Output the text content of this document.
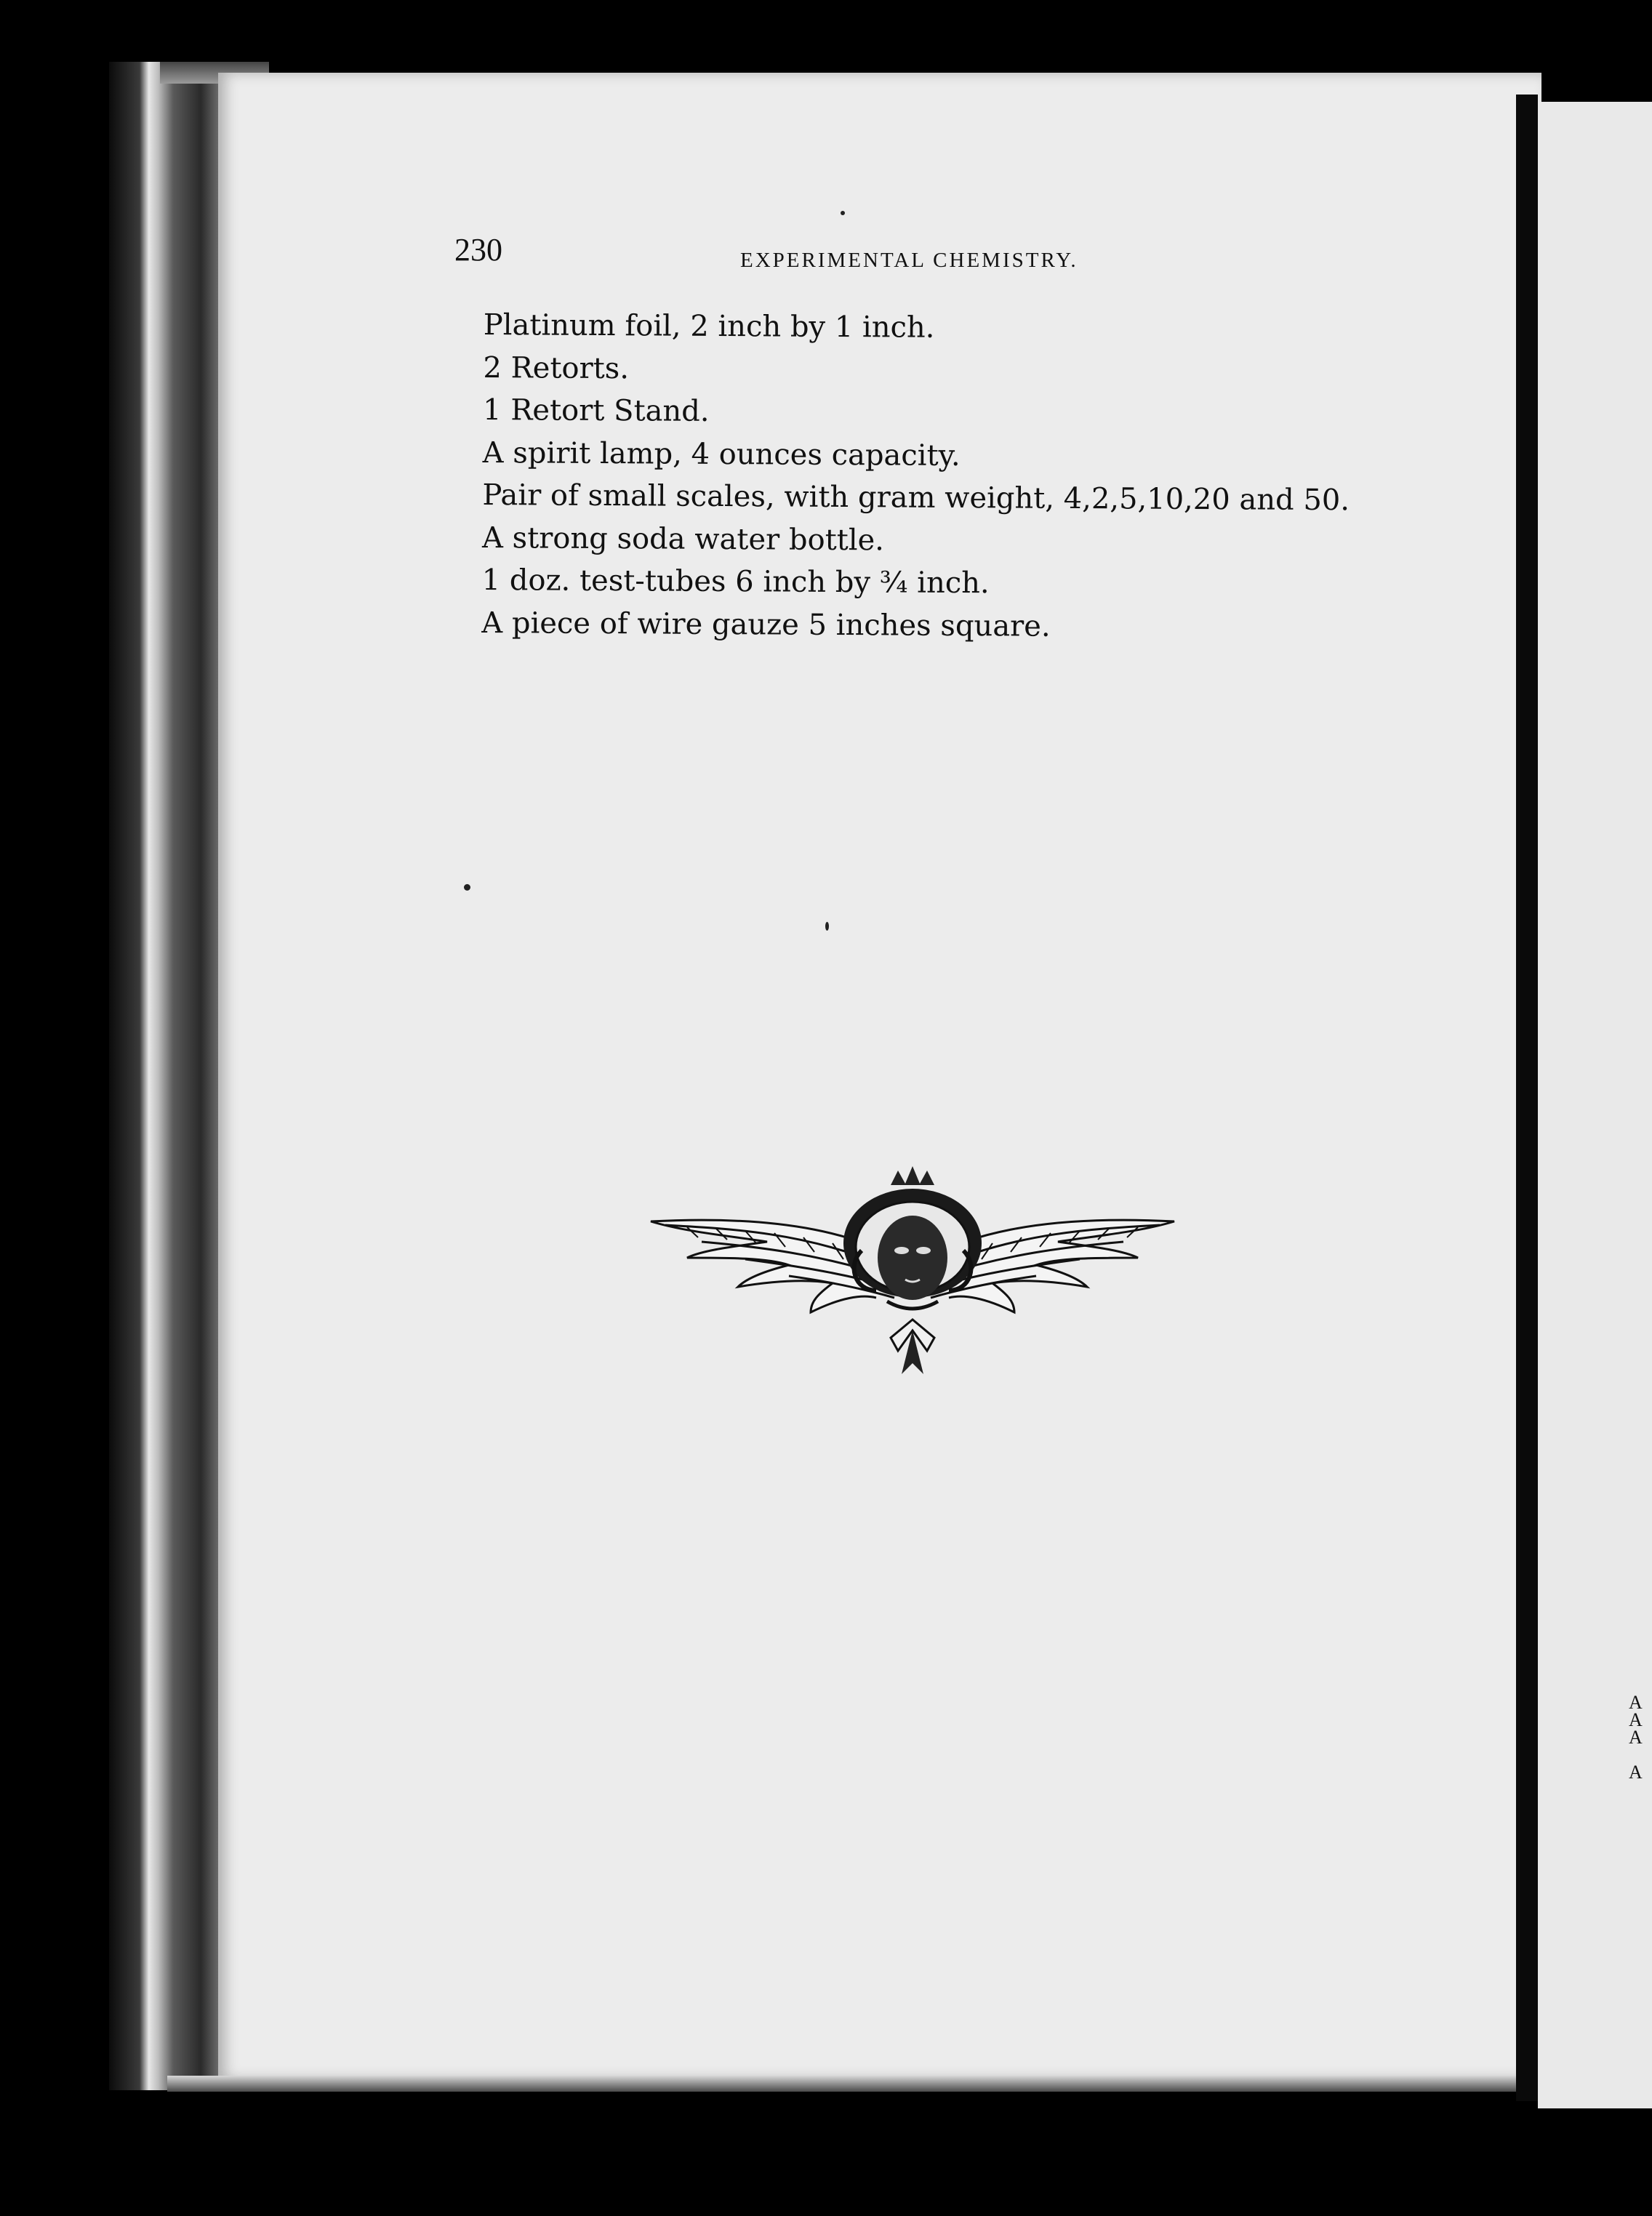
A
A
A
A
230	EXPERIMENTAL CHEMISTRY.
Platinum foil, 2 inch by 1 inch.
2 Retorts.
1 Retort Stand.
A spirit lamp, 4 ounces capacity.
Pair of small scales, with gram weight, 4,2,5,10,20 and 50.
A strong soda water bottle.
1 doz. test-tubes 6 inch by ¾ inch.
A piece of wire gauze 5 inches square.
